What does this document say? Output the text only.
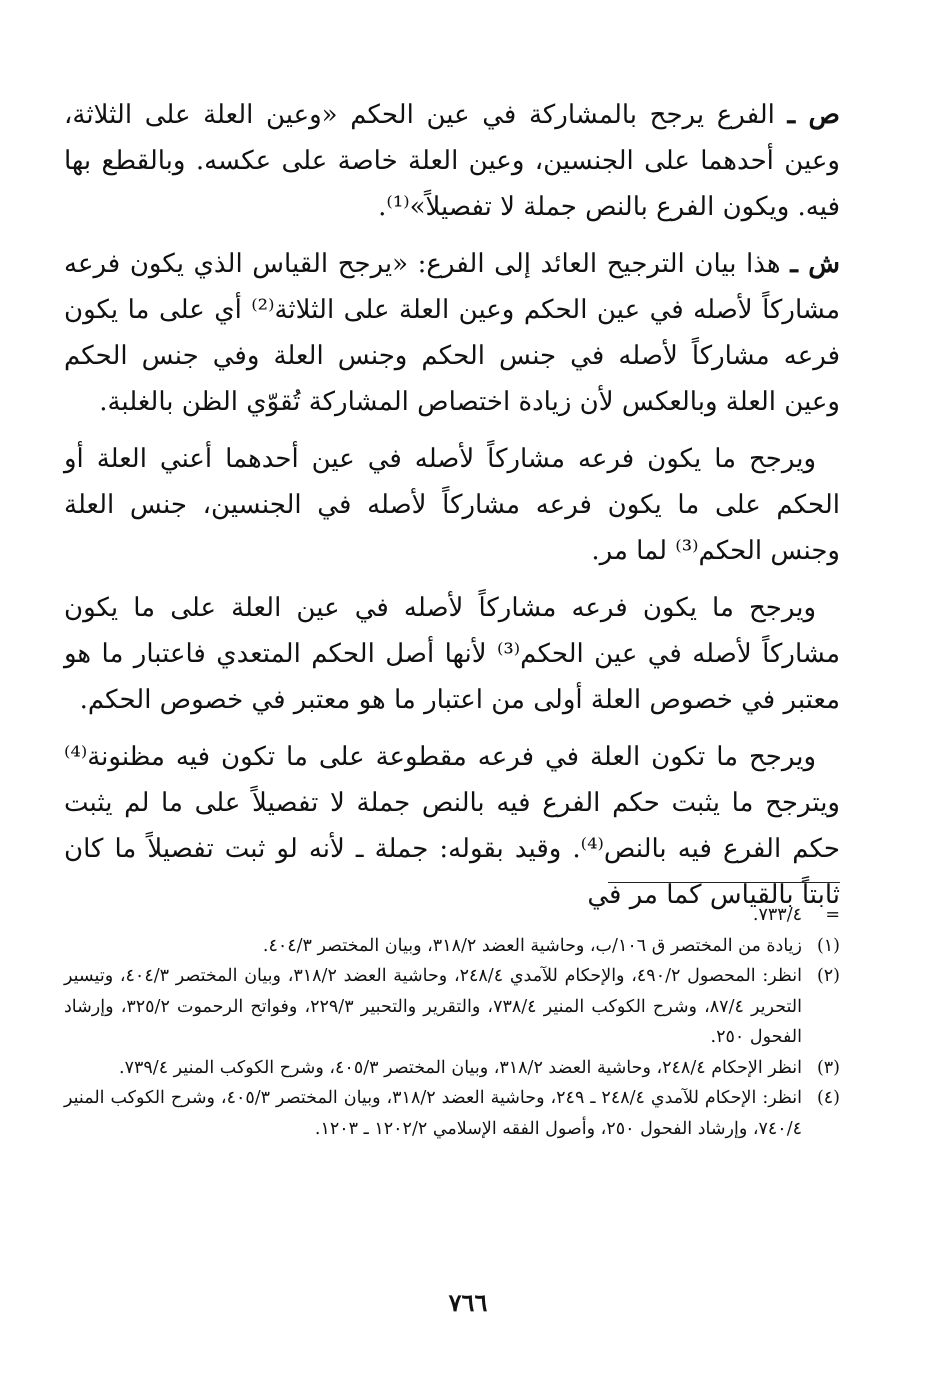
ص ـ الفرع يرجح بالمشاركة في عين الحكم «وعين العلة على الثلاثة، وعين أحدهما على الجنسين، وعين العلة خاصة على عكسه. وبالقطع بها فيه. ويكون الفرع بالنص جملة لا تفصيلاً»⁽¹⁾.

ش ـ هذا بيان الترجيح العائد إلى الفرع: «يرجح القياس الذي يكون فرعه مشاركاً لأصله في عين الحكم وعين العلة على الثلاثة⁽²⁾ أي على ما يكون فرعه مشاركاً لأصله في جنس الحكم وجنس العلة وفي جنس الحكم وعين العلة وبالعكس لأن زيادة اختصاص المشاركة تُقوّي الظن بالغلبة.

ويرجح ما يكون فرعه مشاركاً لأصله في عين أحدهما أعني العلة أو الحكم على ما يكون فرعه مشاركاً لأصله في الجنسين، جنس العلة وجنس الحكم⁽³⁾ لما مر.

ويرجح ما يكون فرعه مشاركاً لأصله في عين العلة على ما يكون مشاركاً لأصله في عين الحكم⁽³⁾ لأنها أصل الحكم المتعدي فاعتبار ما هو معتبر في خصوص العلة أولى من اعتبار ما هو معتبر في خصوص الحكم.

ويرجح ما تكون العلة في فرعه مقطوعة على ما تكون فيه مظنونة⁽⁴⁾ ويترجح ما يثبت حكم الفرع فيه بالنص جملة لا تفصيلاً على ما لم يثبت حكم الفرع فيه بالنص⁽⁴⁾. وقيد بقوله: جملة ـ لأنه لو ثبت تفصيلاً ما كان ثابتاً بالقياس كما مر في

=
٧٣٣/٤.
(١)
زيادة من المختصر ق ١٠٦/ب، وحاشية العضد ٣١٨/٢، وبيان المختصر ٤٠٤/٣.
(٢)
انظر: المحصول ٤٩٠/٢، والإحكام للآمدي ٢٤٨/٤، وحاشية العضد ٣١٨/٢، وبيان المختصر ٤٠٤/٣، وتيسير التحرير ٨٧/٤، وشرح الكوكب المنير ٧٣٨/٤، والتقرير والتحبير ٢٢٩/٣، وفواتح الرحموت ٣٢٥/٢، وإرشاد الفحول ٢٥٠.
(٣)
انظر الإحكام ٢٤٨/٤، وحاشية العضد ٣١٨/٢، وبيان المختصر ٤٠٥/٣، وشرح الكوكب المنير ٧٣٩/٤.
(٤)
انظر: الإحكام للآمدي ٢٤٨/٤ ـ ٢٤٩، وحاشية العضد ٣١٨/٢، وبيان المختصر ٤٠٥/٣، وشرح الكوكب المنير ٧٤٠/٤، وإرشاد الفحول ٢٥٠، وأصول الفقه الإسلامي ١٢٠٢/٢ ـ ١٢٠٣.
٧٦٦
